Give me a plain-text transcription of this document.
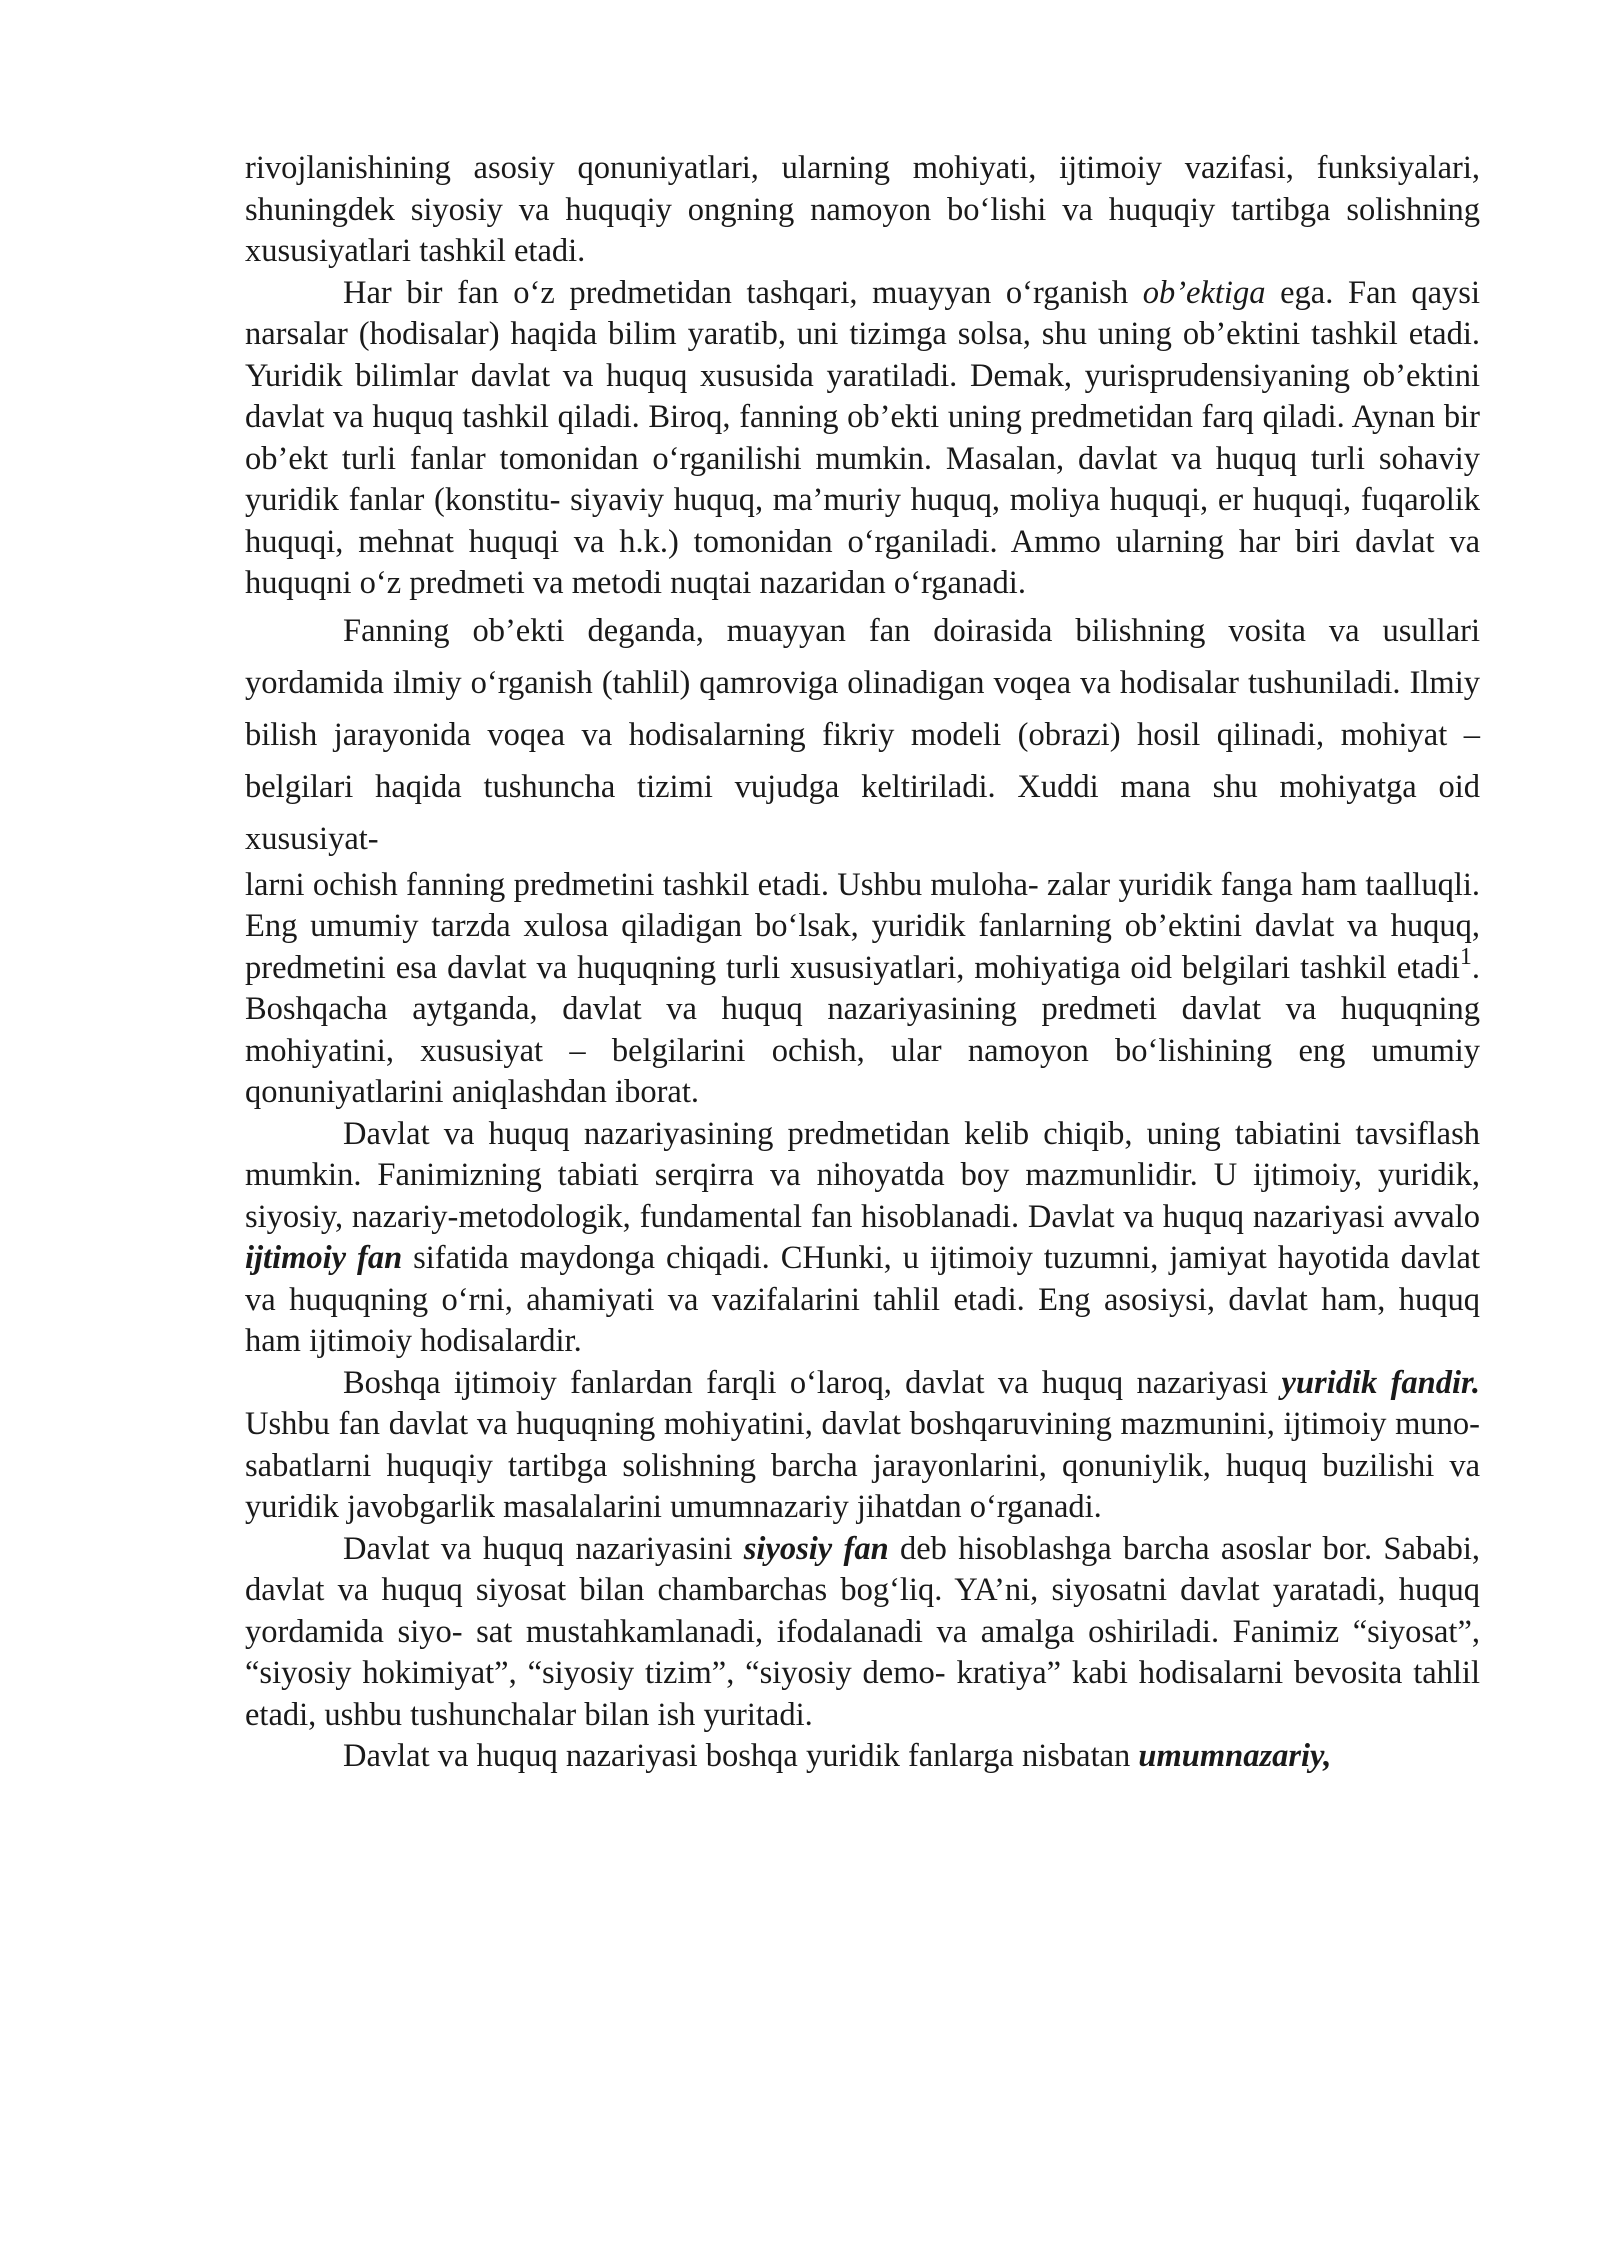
rivojlanishining asosiy qonuniyatlari, ularning mohiyati, ijtimoiy vazifasi, funksiyalari, shuningdek siyosiy va huquqiy ongning namoyon bo‘lishi va huquqiy tartibga solishning xususiyatlari tashkil etadi.

Har bir fan o‘z predmetidan tashqari, muayyan o‘rganish ob’ektiga ega. Fan qaysi narsalar (hodisalar) haqida bilim yaratib, uni tizimga solsa, shu uning ob’ektini tashkil etadi. Yuridik bilimlar davlat va huquq xususida yaratiladi. Demak, yurisprudensiyaning ob’ektini davlat va huquq tashkil qiladi. Biroq, fanning ob’ekti uning predmetidan farq qiladi. Aynan bir ob’ekt turli fanlar tomonidan o‘rganilishi mumkin. Masalan, davlat va huquq turli sohaviy yuridik fanlar (konstitu- siyaviy huquq, ma’muriy huquq, moliya huquqi, er huquqi, fuqarolik huquqi, mehnat huquqi va h.k.) tomonidan o‘rganiladi. Ammo ularning har biri davlat va huquqni o‘z predmeti va metodi nuqtai nazaridan o‘rganadi.

Fanning ob’ekti deganda, muayyan fan doirasida bilishning vosita va usullari yordamida ilmiy o‘rganish (tahlil) qamroviga olinadigan voqea va hodisalar tushuniladi. Ilmiy bilish jarayonida voqea va hodisalarning fikriy modeli (obrazi) hosil qilinadi, mohiyat – belgilari haqida tushuncha tizimi vujudga keltiriladi. Xuddi mana shu mohiyatga oid xususiyat-

larni ochish fanning predmetini tashkil etadi. Ushbu muloha- zalar yuridik fanga ham taalluqli. Eng umumiy tarzda xulosa qiladigan bo‘lsak, yuridik fanlarning ob’ektini davlat va huquq, predmetini esa davlat va huquqning turli xususiyatlari, mohiyatiga oid belgilari tashkil etadi$^1$. Boshqacha aytganda, davlat va huquq nazariyasining predmeti davlat va huquqning mohiyatini, xususiyat – belgilarini ochish, ular namoyon bo‘lishining eng umumiy qonuniyatlarini aniqlashdan iborat.

Davlat va huquq nazariyasining predmetidan kelib chiqib, uning tabiatini tavsiflash mumkin. Fanimizning tabiati serqirra va nihoyatda boy mazmunlidir. U ijtimoiy, yuridik, siyosiy, nazariy-metodologik, fundamental fan hisoblanadi. Davlat va huquq nazariyasi avvalo ijtimoiy fan sifatida maydonga chiqadi. CHunki, u ijtimoiy tuzumni, jamiyat hayotida davlat va huquqning o‘rni, ahamiyati va vazifalarini tahlil etadi. Eng asosiysi, davlat ham, huquq ham ijtimoiy hodisalardir.

Boshqa ijtimoiy fanlardan farqli o‘laroq, davlat va huquq nazariyasi yuridik fandir. Ushbu fan davlat va huquqning mohiyatini, davlat boshqaruvining mazmunini, ijtimoiy muno- sabatlarni huquqiy tartibga solishning barcha jarayonlarini, qonuniylik, huquq buzilishi va yuridik javobgarlik masalalarini umumnazariy jihatdan o‘rganadi.

Davlat va huquq nazariyasini siyosiy fan deb hisoblashga barcha asoslar bor. Sababi, davlat va huquq siyosat bilan chambarchas bog‘liq. YA’ni, siyosatni davlat yaratadi, huquq yordamida siyo- sat mustahkamlanadi, ifodalanadi va amalga oshiriladi. Fanimiz “siyosat”, “siyosiy hokimiyat”, “siyosiy tizim”, “siyosiy demo- kratiya” kabi hodisalarni bevosita tahlil etadi, ushbu tushunchalar bilan ish yuritadi.

Davlat va huquq nazariyasi boshqa yuridik fanlarga nisbatan umumnazariy,
